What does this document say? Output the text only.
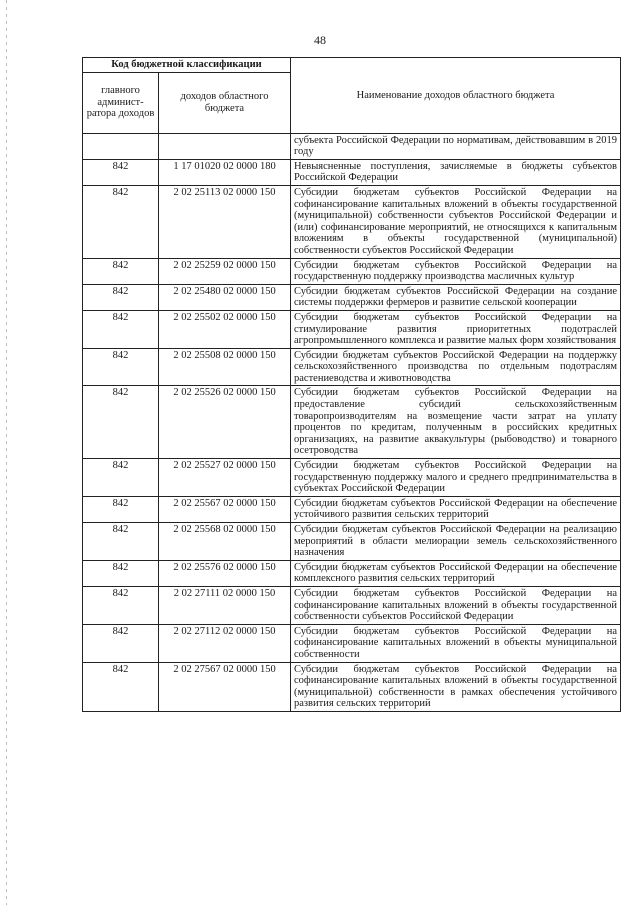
48
Код бюджетной классификации		Наименование доходов областного бюджета
главного админист-ратора доходов	доходов областного бюджета	
		субъекта Российской Федерации по нормативам, действовавшим в 2019 году
842	1 17 01020 02 0000 180	Невыясненные поступления, зачисляемые в бюджеты субъектов Российской Федерации
842	2 02 25113 02 0000 150	Субсидии бюджетам субъектов Российской Федерации на софинансирование капитальных вложений в объекты государственной (муниципальной) собственности субъектов Российской Федерации и (или) софинансирование мероприятий, не относящихся к капитальным вложениям в объекты государственной (муниципальной) собственности субъектов Российской Федерации
842	2 02 25259 02 0000 150	Субсидии бюджетам субъектов Российской Федерации на государственную поддержку производства масличных культур
842	2 02 25480 02 0000 150	Субсидии бюджетам субъектов Российской Федерации на создание системы поддержки фермеров и развитие сельской кооперации
842	2 02 25502 02 0000 150	Субсидии бюджетам субъектов Российской Федерации на стимулирование развития приоритетных подотраслей агропромышленного комплекса и развитие малых форм хозяйствования
842	2 02 25508 02 0000 150	Субсидии бюджетам субъектов Российской Федерации на поддержку сельскохозяйственного производства по отдельным подотраслям растениеводства и животноводства
842	2 02 25526 02 0000 150	Субсидии бюджетам субъектов Российской Федерации на предоставление субсидий сельскохозяйственным товаропроизводителям на возмещение части затрат на уплату процентов по кредитам, полученным в российских кредитных организациях, на развитие аквакультуры (рыбоводство) и товарного осетроводства
842	2 02 25527 02 0000 150	Субсидии бюджетам субъектов Российской Федерации на государственную поддержку малого и среднего предпринимательства в субъектах Российской Федерации
842	2 02 25567 02 0000 150	Субсидии бюджетам субъектов Российской Федерации на обеспечение устойчивого развития сельских территорий
842	2 02 25568 02 0000 150	Субсидии бюджетам субъектов Российской Федерации на реализацию мероприятий в области мелиорации земель сельскохозяйственного назначения
842	2 02 25576 02 0000 150	Субсидии бюджетам субъектов Российской Федерации на обеспечение комплексного развития сельских территорий
842	2 02 27111 02 0000 150	Субсидии бюджетам субъектов Российской Федерации на софинансирование капитальных вложений в объекты государственной собственности субъектов Российской Федерации
842	2 02 27112 02 0000 150	Субсидии бюджетам субъектов Российской Федерации на софинансирование капитальных вложений в объекты муниципальной собственности
842	2 02 27567 02 0000 150	Субсидии бюджетам субъектов Российской Федерации на софинансирование капитальных вложений в объекты государственной (муниципальной) собственности в рамках обеспечения устойчивого развития сельских территорий
